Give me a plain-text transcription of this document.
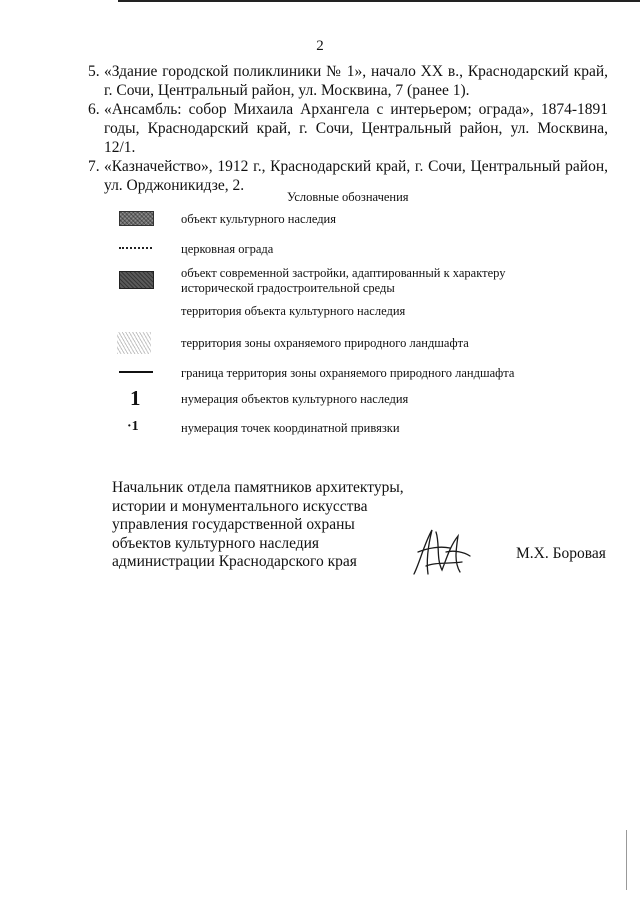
2
5. «Здание городской поликлиники № 1», начало XX в., Краснодарский край, г. Сочи, Центральный район, ул. Москвина, 7 (ранее 1).
6. «Ансамбль: собор Михаила Архангела с интерьером; ограда», 1874-1891 годы, Краснодарский край, г. Сочи, Центральный район, ул. Москвина, 12/1.
7. «Казначейство», 1912 г., Краснодарский край, г. Сочи, Центральный район, ул. Орджоникидзе, 2.
Условные обозначения
объект культурного наследия
церковная ограда
объект современной застройки, адаптированный к характеру исторической градостроительной среды
территория объекта культурного наследия
территория зоны охраняемого природного ландшафта
граница территория зоны охраняемого природного ландшафта
1	нумерация объектов культурного наследия
·1	нумерация точек координатной привязки
Начальник отдела памятников архитектуры,
истории и монументального искусства
управления государственной охраны
объектов культурного наследия
администрации Краснодарского края	М.Х. Боровая
